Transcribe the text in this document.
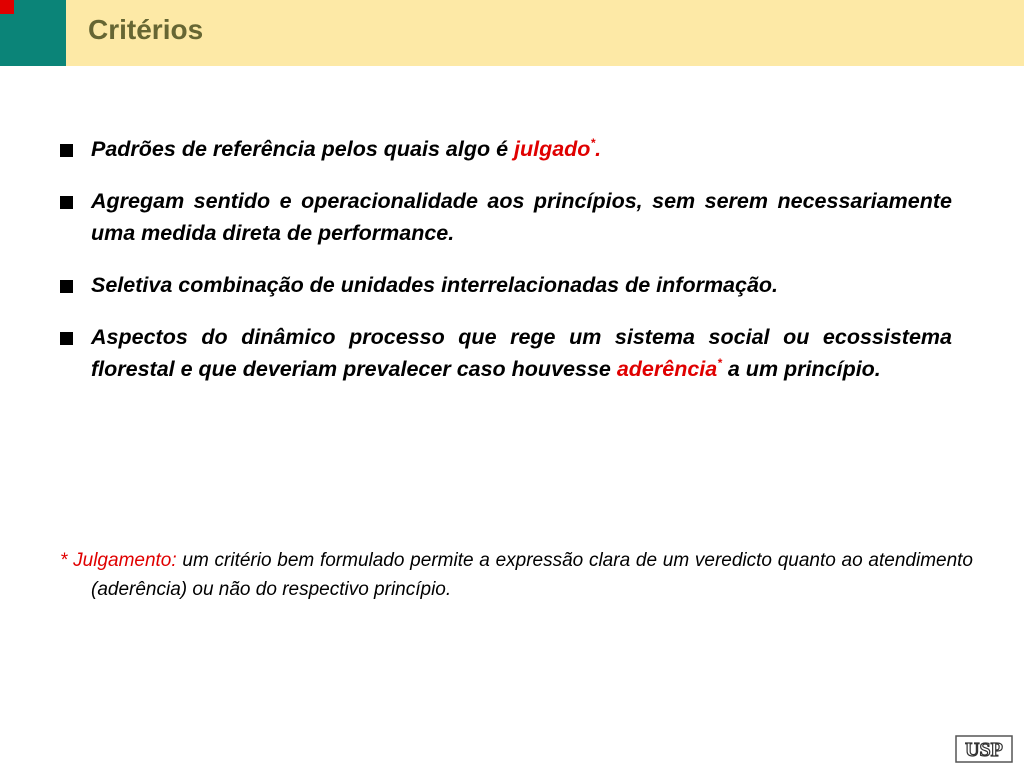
Critérios
Padrões de referência pelos quais algo é julgado*.
Agregam sentido e operacionalidade aos princípios, sem serem necessariamente uma medida direta de performance.
Seletiva combinação de unidades interrelacionadas de informação.
Aspectos do dinâmico processo que rege um sistema social ou ecossistema florestal e que deveriam prevalecer caso houvesse aderência* a um princípio.
* Julgamento: um critério bem formulado permite a expressão clara de um veredicto quanto ao atendimento (aderência) ou não do respectivo princípio.
USP
